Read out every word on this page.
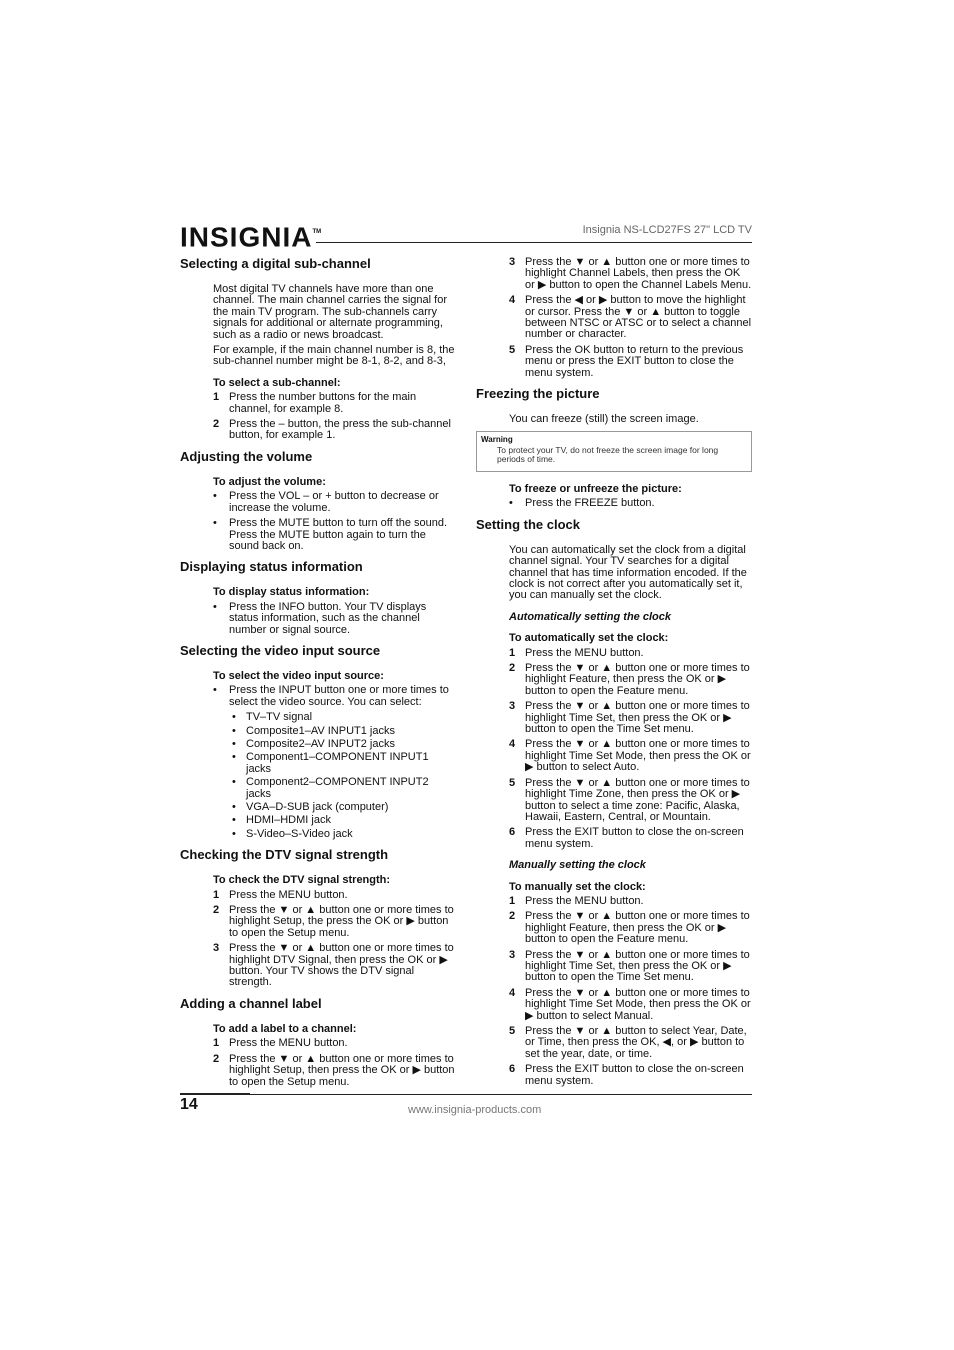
INSIGNIA™	Insignia NS-LCD27FS 27" LCD TV
Selecting a digital sub-channel

Most digital TV channels have more than one channel. The main channel carries the signal for the main TV program. The sub-channels carry signals for additional or alternate programming, such as a radio or news broadcast.

For example, if the main channel number is 8, the sub-channel number might be 8-1, 8-2, and 8-3,

To select a sub-channel:
1 Press the number buttons for the main channel, for example 8.
2 Press the – button, the press the sub-channel button, for example 1.
Adjusting the volume
To adjust the volume:
• Press the VOL – or + button to decrease or increase the volume.
• Press the MUTE button to turn off the sound. Press the MUTE button again to turn the sound back on.
Displaying status information
To display status information:
• Press the INFO button. Your TV displays status information, such as the channel number or signal source.
Selecting the video input source
To select the video input source:
• Press the INPUT button one or more times to select the video source. You can select:
• TV–TV signal
• Composite1–AV INPUT1 jacks
• Composite2–AV INPUT2 jacks
• Component1–COMPONENT INPUT1 jacks
• Component2–COMPONENT INPUT2 jacks
• VGA–D-SUB jack (computer)
• HDMI–HDMI jack
• S-Video–S-Video jack
Checking the DTV signal strength
To check the DTV signal strength:
1 Press the MENU button.
2 Press the ▼ or ▲ button one or more times to highlight Setup, the press the OK or ▶ button to open the Setup menu.
3 Press the ▼ or ▲ button one or more times to highlight DTV Signal, then press the OK or ▶ button. Your TV shows the DTV signal strength.
Adding a channel label
To add a label to a channel:
1 Press the MENU button.
2 Press the ▼ or ▲ button one or more times to highlight Setup, then press the OK or ▶ button to open the Setup menu.
3 Press the ▼ or ▲ button one or more times to highlight Channel Labels, then press the OK or ▶ button to open the Channel Labels Menu.
4 Press the ◀ or ▶ button to move the highlight or cursor. Press the ▼ or ▲ button to toggle between NTSC or ATSC or to select a channel number or character.
5 Press the OK button to return to the previous menu or press the EXIT button to close the menu system.
Freezing the picture

You can freeze (still) the screen image.

Warning
To protect your TV, do not freeze the screen image for long periods of time.
To freeze or unfreeze the picture:
• Press the FREEZE button.
Setting the clock

You can automatically set the clock from a digital channel signal. Your TV searches for a digital channel that has time information encoded. If the clock is not correct after you automatically set it, you can manually set the clock.

Automatically setting the clock
To automatically set the clock:
1 Press the MENU button.
2 Press the ▼ or ▲ button one or more times to highlight Feature, then press the OK or ▶ button to open the Feature menu.
3 Press the ▼ or ▲ button one or more times to highlight Time Set, then press the OK or ▶ button to open the Time Set menu.
4 Press the ▼ or ▲ button one or more times to highlight Time Set Mode, then press the OK or ▶ button to select Auto.
5 Press the ▼ or ▲ button one or more times to highlight Time Zone, then press the OK or ▶ button to select a time zone: Pacific, Alaska, Hawaii, Eastern, Central, or Mountain.
6 Press the EXIT button to close the on-screen menu system.
Manually setting the clock
To manually set the clock:
1 Press the MENU button.
2 Press the ▼ or ▲ button one or more times to highlight Feature, then press the OK or ▶ button to open the Feature menu.
3 Press the ▼ or ▲ button one or more times to highlight Time Set, then press the OK or ▶ button to open the Time Set menu.
4 Press the ▼ or ▲ button one or more times to highlight Time Set Mode, then press the OK or ▶ button to select Manual.
5 Press the ▼ or ▲ button to select Year, Date, or Time, then press the OK, ◀, or ▶ button to set the year, date, or time.
6 Press the EXIT button to close the on-screen menu system.
14	www.insignia-products.com
